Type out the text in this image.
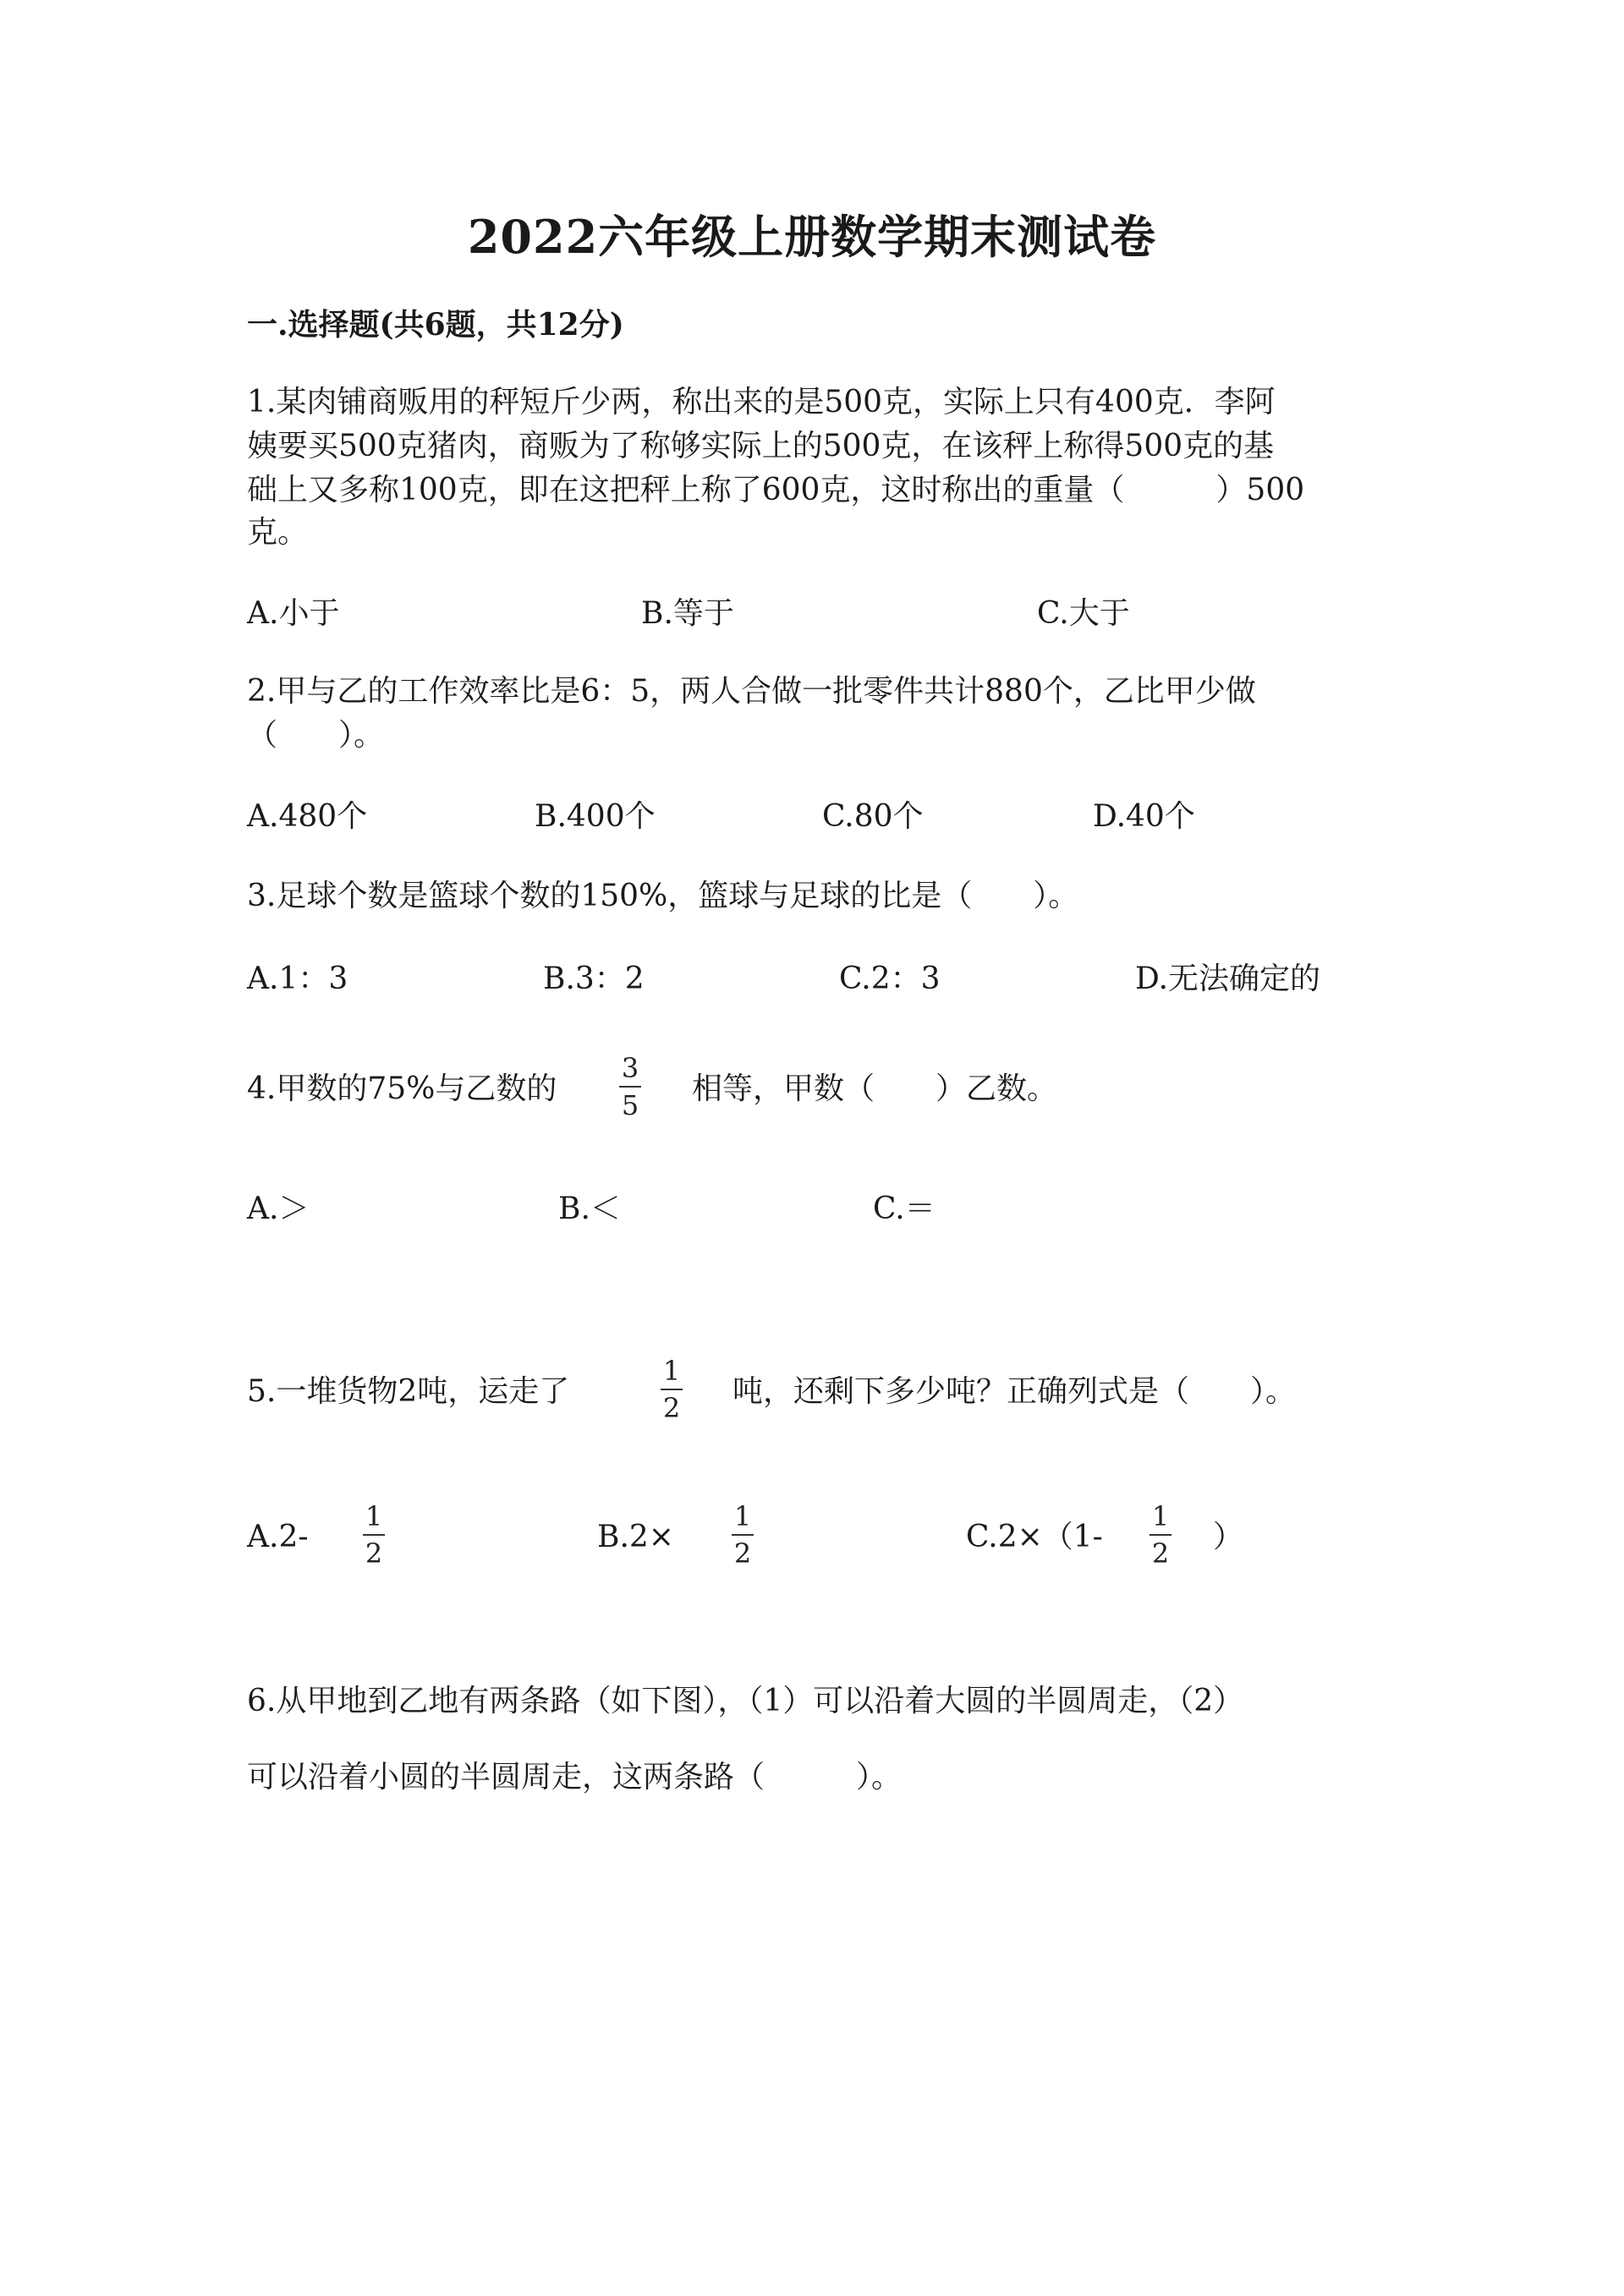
2022六年级上册数学期末测试卷
一.选择题(共6题，共12分)
1.某肉铺商贩用的秤短斤少两，称出来的是500克，实际上只有400克．李阿
姨要买500克猪肉，商贩为了称够实际上的500克，在该秤上称得500克的基
础上又多称100克，即在这把秤上称了600克，这时称出的重量（　　　）500
克。
A.小于	B.等于	C.大于
2.甲与乙的工作效率比是6：5，两人合做一批零件共计880个，乙比甲少做
（　　）。
A.480个	B.400个	C.80个	D.40个
3.足球个数是篮球个数的150%，篮球与足球的比是（　　）。
A.1：3	B.3：2	C.2：3	D.无法确定的
4.甲数的75%与乙数的
3
5 相等，甲数（　　）乙数。
A.＞	B.＜	C.＝
5.一堆货物2吨，运走了
1
2 吨，还剩下多少吨？正确列式是（　　）。
A.2-
1
2	B.2×
1
2	C.2×（1-
1
2 ）
6.从甲地到乙地有两条路（如下图），（1）可以沿着大圆的半圆周走，（2）
可以沿着小圆的半圆周走，这两条路（　　　）。
